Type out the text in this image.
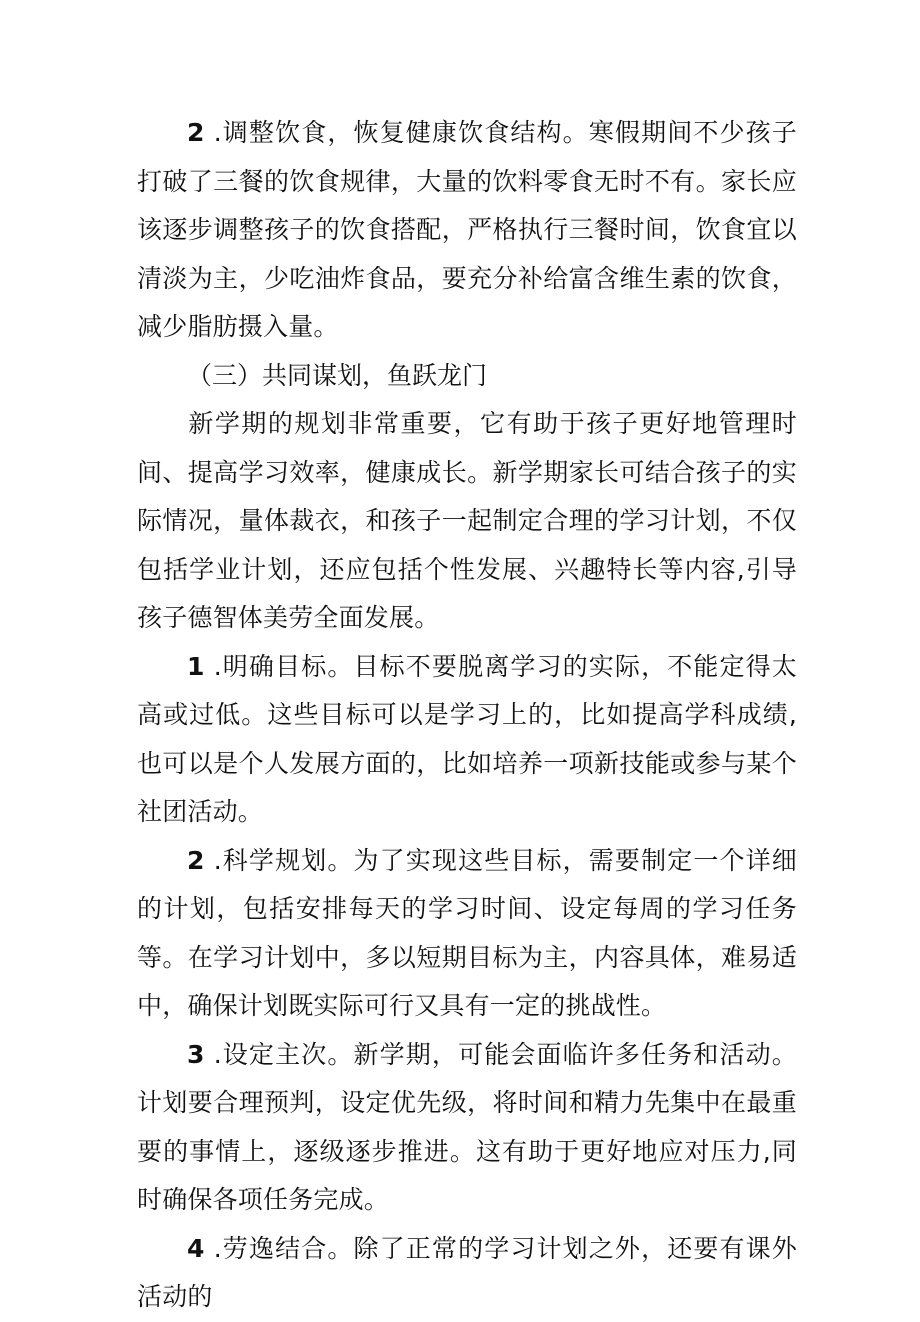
2 .调整饮食，恢复健康饮食结构。寒假期间不少孩子打破了三餐的饮食规律，大量的饮料零食无时不有。家长应该逐步调整孩子的饮食搭配，严格执行三餐时间，饮食宜以清淡为主，少吃油炸食品，要充分补给富含维生素的饮食，减少脂肪摄入量。

（三）共同谋划，鱼跃龙门

新学期的规划非常重要，它有助于孩子更好地管理时间、提高学习效率，健康成长。新学期家长可结合孩子的实际情况，量体裁衣，和孩子一起制定合理的学习计划，不仅包括学业计划，还应包括个性发展、兴趣特长等内容,引导孩子德智体美劳全面发展。

1 .明确目标。目标不要脱离学习的实际，不能定得太高或过低。这些目标可以是学习上的，比如提高学科成绩,也可以是个人发展方面的，比如培养一项新技能或参与某个社团活动。

2 .科学规划。为了实现这些目标，需要制定一个详细的计划，包括安排每天的学习时间、设定每周的学习任务等。在学习计划中，多以短期目标为主，内容具体，难易适中，确保计划既实际可行又具有一定的挑战性。

3 .设定主次。新学期，可能会面临许多任务和活动。计划要合理预判，设定优先级，将时间和精力先集中在最重要的事情上，逐级逐步推进。这有助于更好地应对压力,同时确保各项任务完成。

4 .劳逸结合。除了正常的学习计划之外，还要有课外活动的
